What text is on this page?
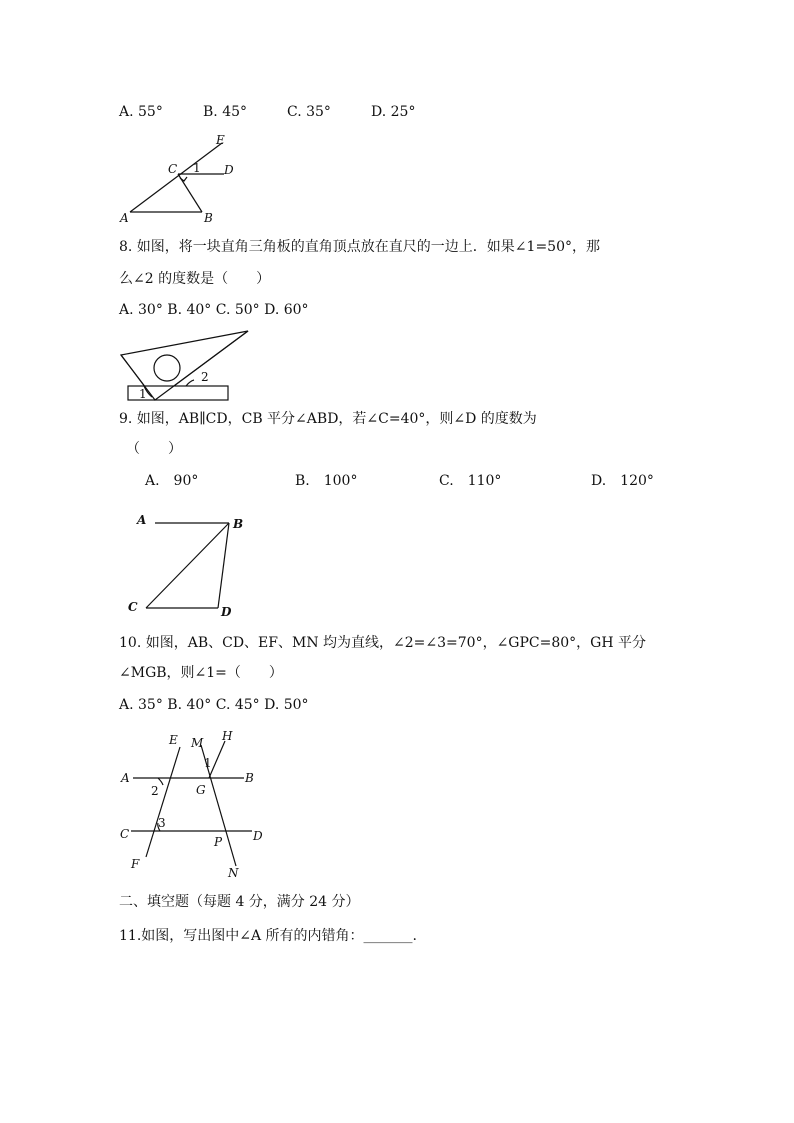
A. 55°	B. 45°	C. 35°	D. 25°
E
C 1 D
A	B
8. 如图，将一块直角三角板的直角顶点放在直尺的一边上．如果∠1=50°，那
么∠2 的度数是（　　）
A. 30° B. 40° C. 50° D. 60°
1
2
9. 如图，AB∥CD，CB 平分∠ABD，若∠C=40°，则∠D 的度数为
（　　）
A.　90°	B.　100°	C.　110°	D.　120°
A	B
C	D
10. 如图，AB、CD、EF、MN 均为直线，∠2=∠3=70°，∠GPC=80°，GH 平分
∠MGB，则∠1=（　　）
A. 35° B. 40° C. 45° D. 50°
E M H
1
A	B
2	G
C
3
D
P
F
N
二、填空题（每题 4 分，满分 24 分）
11.如图，写出图中∠A 所有的内错角：_______.
